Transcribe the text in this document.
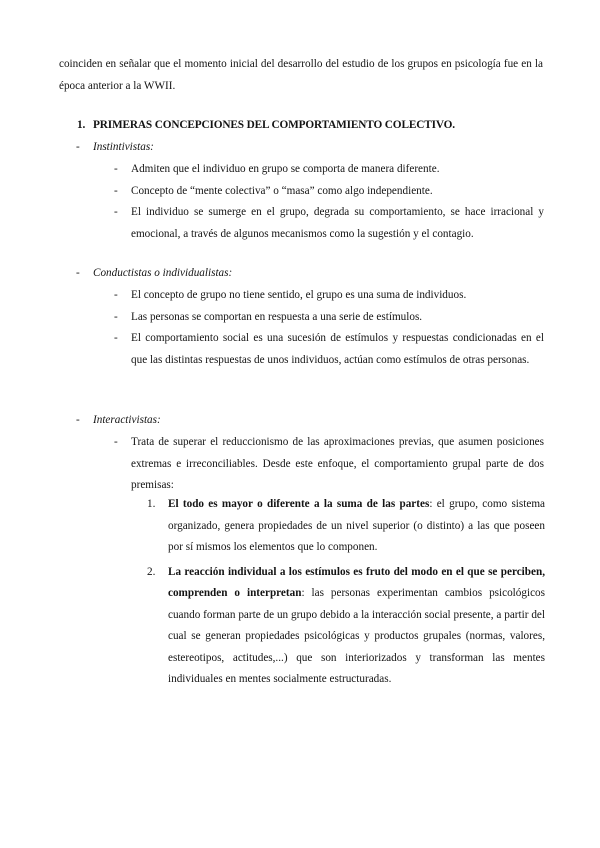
coinciden en señalar que el momento inicial del desarrollo del estudio de los grupos en psicología fue en la época anterior a la WWII.

1. PRIMERAS CONCEPCIONES DEL COMPORTAMIENTO COLECTIVO.
- Instintivistas:
- Admiten que el individuo en grupo se comporta de manera diferente.
- Concepto de “mente colectiva” o “masa” como algo independiente.
- El individuo se sumerge en el grupo, degrada su comportamiento, se hace irracional y emocional, a través de algunos mecanismos como la sugestión y el contagio.
- Conductistas o individualistas:
- El concepto de grupo no tiene sentido, el grupo es una suma de individuos.
- Las personas se comportan en respuesta a una serie de estímulos.
- El comportamiento social es una sucesión de estímulos y respuestas condicionadas en el que las distintas respuestas de unos individuos, actúan como estímulos de otras personas.
- Interactivistas:
- Trata de superar el reduccionismo de las aproximaciones previas, que asumen posiciones extremas e irreconciliables. Desde este enfoque, el comportamiento grupal parte de dos premisas:
1. El todo es mayor o diferente a la suma de las partes: el grupo, como sistema organizado, genera propiedades de un nivel superior (o distinto) a las que poseen por sí mismos los elementos que lo componen.
2. La reacción individual a los estímulos es fruto del modo en el que se perciben, comprenden o interpretan: las personas experimentan cambios psicológicos cuando forman parte de un grupo debido a la interacción social presente, a partir del cual se generan propiedades psicológicas y productos grupales (normas, valores, estereotipos, actitudes,...) que son interiorizados y transforman las mentes individuales en mentes socialmente estructuradas.
